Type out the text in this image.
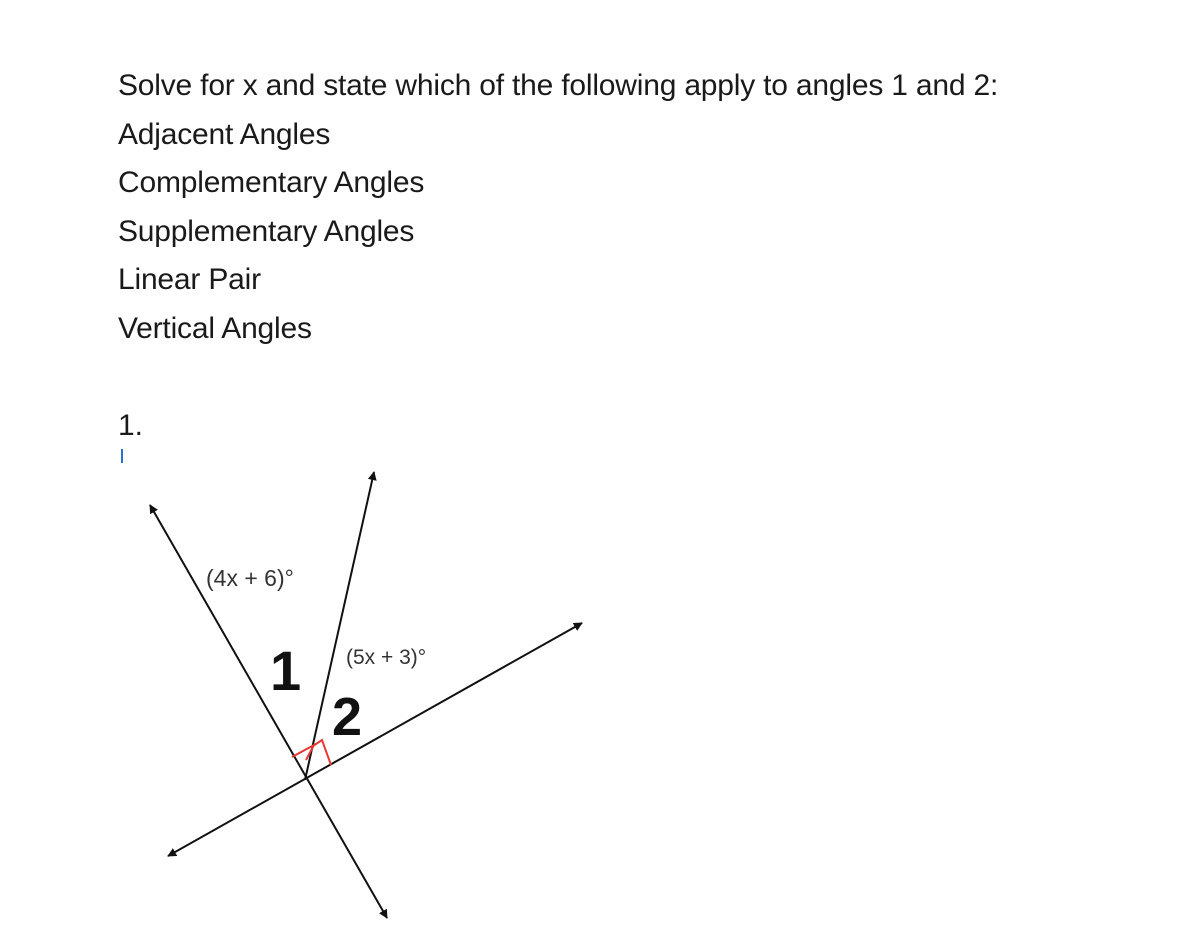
Solve for x and state which of the following apply to angles 1 and 2:
Adjacent Angles
Complementary Angles
Supplementary Angles
Linear Pair
Vertical Angles
1.
(4x + 6)°
(5x + 3)°
1
2
